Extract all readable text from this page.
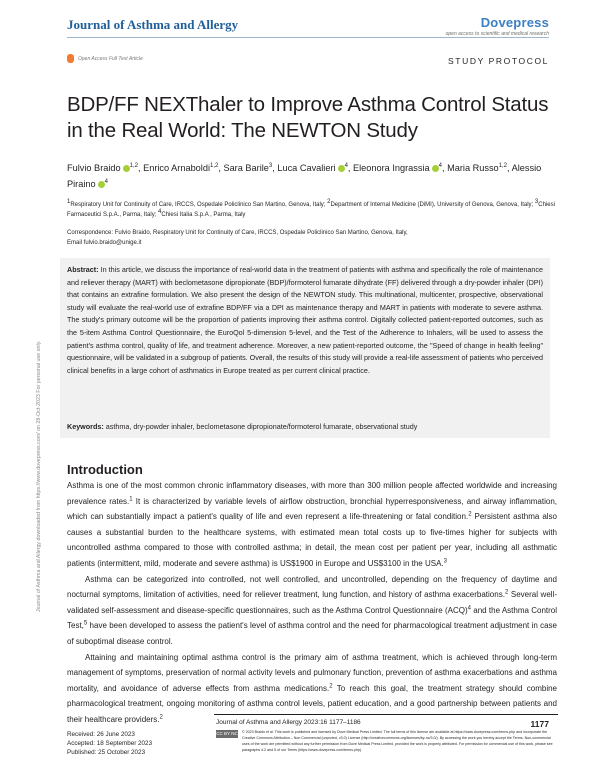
Journal of Asthma and Allergy	Dovepress
open access to scientific and medical research
Open Access Full Text Article	STUDY PROTOCOL
BDP/FF NEXThaler to Improve Asthma Control Status in the Real World: The NEWTON Study
Fulvio Braido $^{1,2}$, Enrico Arnaboldi$^{1,2}$, Sara Barile$^3$, Luca Cavalieri $^4$, Eleonora Ingrassia $^4$, Maria Russo$^{1,2}$, Alessio Piraino $^4$
$^1$Respiratory Unit for Continuity of Care, IRCCS, Ospedale Policlinico San Martino, Genova, Italy; $^2$Department of Internal Medicine (DiMI), University of Genova, Genova, Italy; $^3$Chiesi Farmaceutici S.p.A., Parma, Italy; $^4$Chiesi Italia S.p.A , Parma, Italy
Correspondence: Fulvio Braido, Respiratory Unit for Continuity of Care, IRCCS, Ospedale Policlinico San Martino, Genova, Italy,
Email fulvio.braido@unige.it
Abstract: In this article, we discuss the importance of real-world data in the treatment of patients with asthma and specifically the role of maintenance and reliever therapy (MART) with beclometasone dipropionate (BDP)/formoterol fumarate dihydrate (FF) delivered through a dry-powder inhaler (DPI) that contains an extrafine formulation. We also present the design of the NEWTON study. This multinational, multicenter, prospective, observational study will evaluate the real-world use of extrafine BDP/FF via a DPI as maintenance therapy and MART in patients with moderate to severe asthma. The study's primary outcome will be the proportion of patients improving their asthma control. Digitally collected patient-reported outcomes, such as the 5-item Asthma Control Questionnaire, the EuroQol 5-dimension 5-level, and the Test of the Adherence to Inhalers, will be used to assess the patient's asthma control, quality of life, and treatment adherence. Moreover, a new patient-reported outcome, the "Speed of change in health feeling" questionnaire, will be validated in a subgroup of patients. Overall, the results of this study will provide a real-life assessment of patients who perceived clinical benefits in a large cohort of asthmatics in Europe treated as per current clinical practice.
Keywords: asthma, dry-powder inhaler, beclometasone dipropionate/formoterol fumarate, observational study
Introduction

Asthma is one of the most common chronic inflammatory diseases, with more than 300 million people affected worldwide and increasing prevalence rates.$^1$ It is characterized by variable levels of airflow obstruction, bronchial hyperresponsiveness, and airway inflammation, which can substantially impact a patient's quality of life and even represent a life-threatening or fatal condition.$^2$ Persistent asthma also causes a substantial burden to the healthcare systems, with estimated mean total costs up to five-times higher for subjects with uncontrolled asthma compared to those with controlled asthma; in detail, the mean cost per patient per year, including all asthmatic patients (intermittent, mild, moderate and severe asthma) is US$1900 in Europe and US$3100 in the USA.$^3$

Asthma can be categorized into controlled, not well controlled, and uncontrolled, depending on the frequency of daytime and nocturnal symptoms, limitation of activities, need for reliever treatment, lung function, and history of asthma exacerbations.$^2$ Several well-validated self-assessment and disease-specific questionnaires, such as the Asthma Control Questionnaire (ACQ)$^4$ and the Asthma Control Test,$^5$ have been developed to assess the patient's level of asthma control and the need for pharmacological treatment adjustment in case of suboptimal disease control.

Attaining and maintaining optimal asthma control is the primary aim of asthma treatment, which is achieved through long-term management of symptoms, preservation of normal activity levels and pulmonary function, prevention of asthma exacerbations and asthma mortality, and avoidance of adverse effects from asthma medications.$^2$ To reach this goal, the treatment strategy should combine pharmacological treatment, ongoing monitoring of asthma control levels, patient education, and a good partnership between patients and their healthcare providers.$^2$

Journal of Asthma and Allergy downloaded from https://www.dovepress.com/ on 28-Oct-2023 For personal use only.
Received: 26 June 2023
Accepted: 18 September 2023
Published: 25 October 2023
Journal of Asthma and Allergy 2023:16 1177–1186	1177
CC BY NC © 2023 Braido et al. This work is published and licensed by Dove Medical Press Limited. The full terms of this license are available at https://www.dovepress.com/terms.php and incorporate the Creative Commons Attribution – Non Commercial (unported, v3.0) License (http://creativecommons.org/licenses/by-nc/3.0/). By accessing the work you hereby accept the Terms. Non-commercial uses of the work are permitted without any further permission from Dove Medical Press Limited, provided the work is properly attributed. For permission for commercial use of this work, please see paragraphs 4.2 and 5 of our Terms (https://www.dovepress.com/terms.php).
